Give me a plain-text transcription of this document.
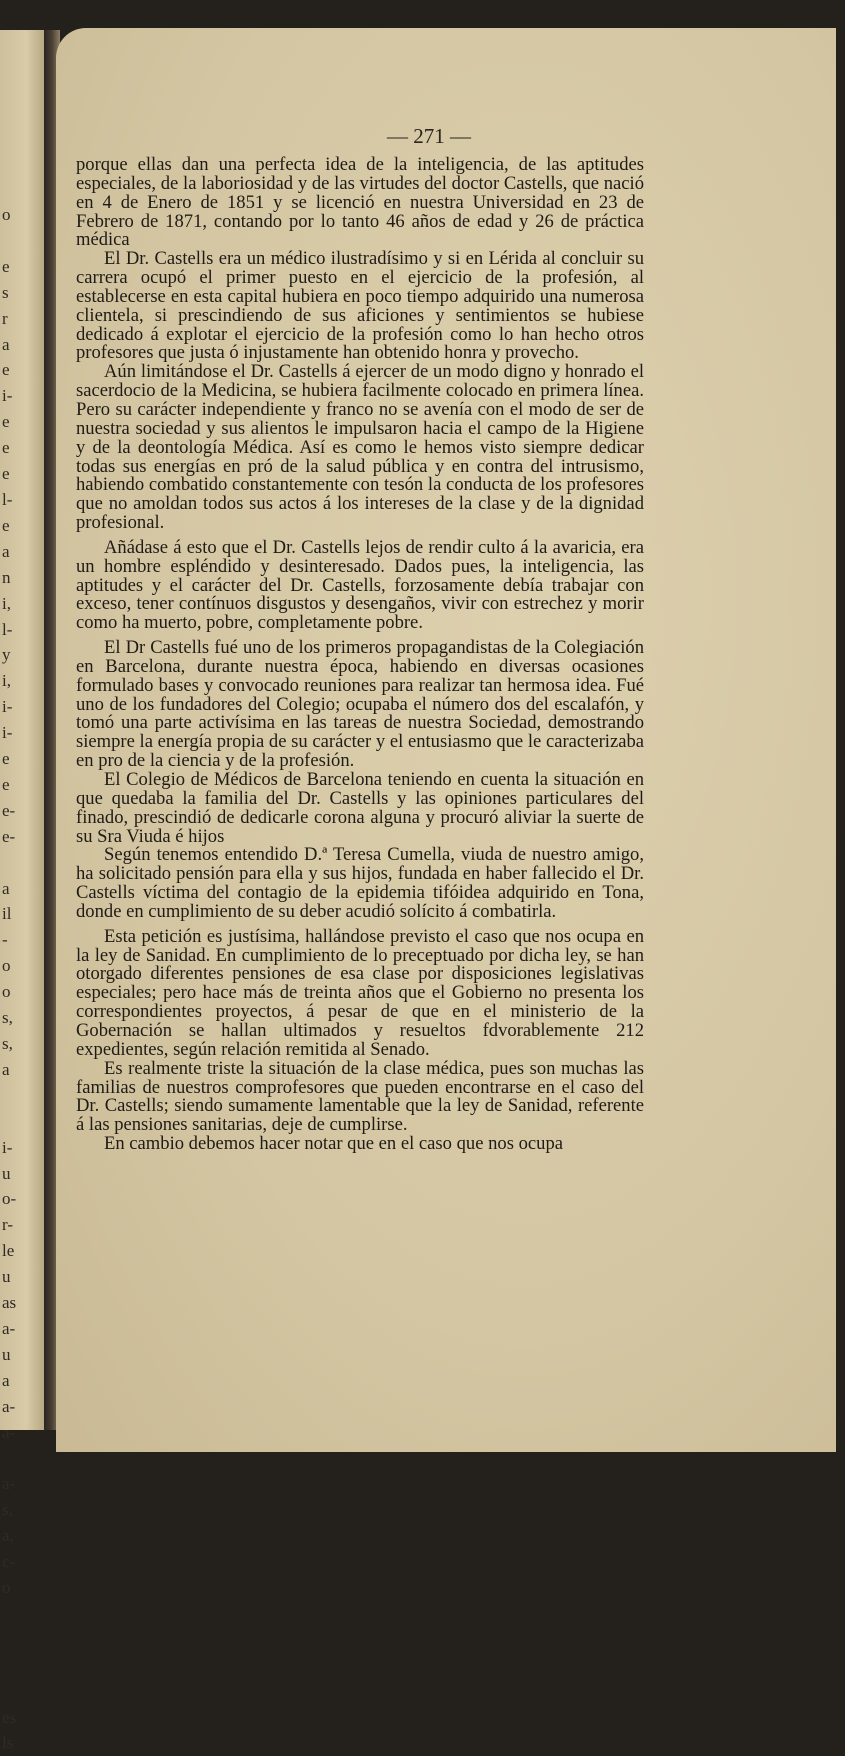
o

e
s
r
a
e
i-
e
e
e
l-
e
a
n
i,
l-
y
i,
i-
i-
e
e
e-
e-

a
il
-
o
o
s,
s,
a

i-
u
o-
r-
le
u
as
a-
u
a
a-
a-

a-
s,
a,
c-
o

es
ls
— 271 —

porque ellas dan una perfecta idea de la inteligencia, de las aptitudes especiales, de la laboriosidad y de las virtudes del doctor Castells, que nació en 4 de Enero de 1851 y se licenció en nuestra Universidad en 23 de Febrero de 1871, contando por lo tanto 46 años de edad y 26 de práctica médica

El Dr. Castells era un médico ilustradísimo y si en Lérida al concluir su carrera ocupó el primer puesto en el ejercicio de la profesión, al establecerse en esta capital hubiera en poco tiempo adquirido una numerosa clientela, si prescindiendo de sus aficiones y sentimientos se hubiese dedicado á explotar el ejercicio de la profesión como lo han hecho otros profesores que justa ó injustamente han obtenido honra y provecho.

Aún limitándose el Dr. Castells á ejercer de un modo digno y honrado el sacerdocio de la Medicina, se hubiera facilmente colocado en primera línea. Pero su carácter independiente y franco no se avenía con el modo de ser de nuestra sociedad y sus alientos le impulsaron hacia el campo de la Higiene y de la deontología Médica. Así es como le hemos visto siempre dedicar todas sus energías en pró de la salud pública y en contra del intrusismo, habiendo combatido constantemente con tesón la conducta de los profesores que no amoldan todos sus actos á los intereses de la clase y de la dignidad profesional.

Añádase á esto que el Dr. Castells lejos de rendir culto á la avaricia, era un hombre espléndido y desinteresado. Dados pues, la inteligencia, las aptitudes y el carácter del Dr. Castells, forzosamente debía trabajar con exceso, tener contínuos disgustos y desengaños, vivir con estrechez y morir como ha muerto, pobre, completamente pobre.

El Dr Castells fué uno de los primeros propagandistas de la Colegiación en Barcelona, durante nuestra época, habiendo en diversas ocasiones formulado bases y convocado reuniones para realizar tan hermosa idea. Fué uno de los fundadores del Colegio; ocupaba el número dos del escalafón, y tomó una parte activísima en las tareas de nuestra Sociedad, demostrando siempre la energía propia de su carácter y el entusiasmo que le caracterizaba en pro de la ciencia y de la profesión.

El Colegio de Médicos de Barcelona teniendo en cuenta la situación en que quedaba la familia del Dr. Castells y las opiniones particulares del finado, prescindió de dedicarle corona alguna y procuró aliviar la suerte de su Sra Viuda é hijos

Según tenemos entendido D.ª Teresa Cumella, viuda de nuestro amigo, ha solicitado pensión para ella y sus hijos, fundada en haber fallecido el Dr. Castells víctima del contagio de la epidemia tifóidea adquirido en Tona, donde en cumplimiento de su deber acudió solícito á combatirla.

Esta petición es justísima, hallándose previsto el caso que nos ocupa en la ley de Sanidad. En cumplimiento de lo preceptuado por dicha ley, se han otorgado diferentes pensiones de esa clase por disposiciones legislativas especiales; pero hace más de treinta años que el Gobierno no presenta los correspondientes proyectos, á pesar de que en el ministerio de la Gobernación se hallan ultimados y resueltos fdvorablemente 212 expedientes, según relación remitida al Senado.

Es realmente triste la situación de la clase médica, pues son muchas las familias de nuestros comprofesores que pueden encontrarse en el caso del Dr. Castells; siendo sumamente lamentable que la ley de Sanidad, referente á las pensiones sanitarias, deje de cumplirse.

En cambio debemos hacer notar que en el caso que nos ocupa
